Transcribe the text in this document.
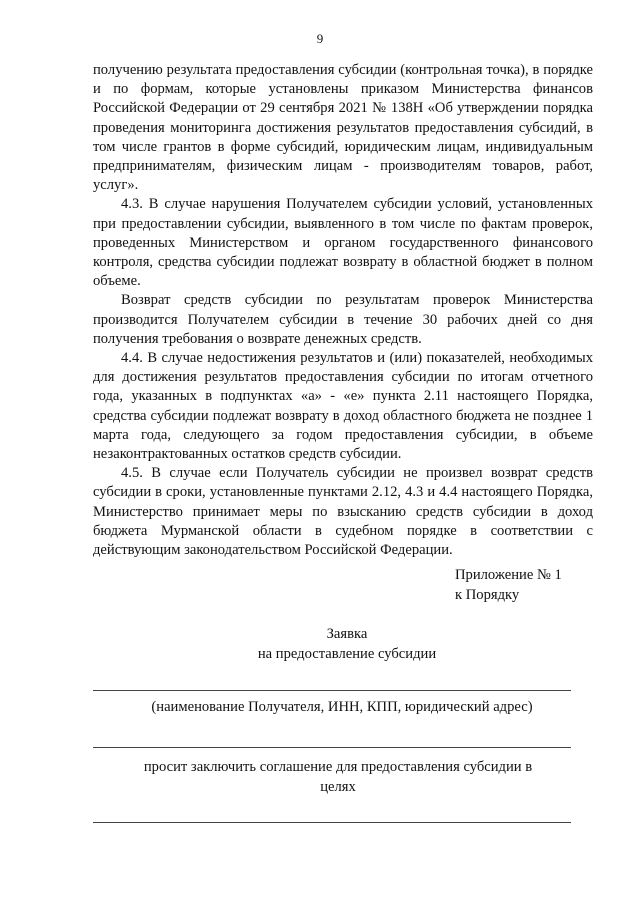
9

получению результата предоставления субсидии (контрольная точка), в порядке и по формам, которые установлены приказом Министерства финансов Российской Федерации от 29 сентября 2021 № 138Н «Об утверждении порядка проведения мониторинга достижения результатов предоставления субсидий, в том числе грантов в форме субсидий, юридическим лицам, индивидуальным предпринимателям, физическим лицам - производителям товаров, работ, услуг».

4.3. В случае нарушения Получателем субсидии условий, установленных при предоставлении субсидии, выявленного в том числе по фактам проверок, проведенных Министерством и органом государственного финансового контроля, средства субсидии подлежат возврату в областной бюджет в полном объеме.

Возврат средств субсидии по результатам проверок Министерства производится Получателем субсидии в течение 30 рабочих дней со дня получения требования о возврате денежных средств.

4.4. В случае недостижения результатов и (или) показателей, необходимых для достижения результатов предоставления субсидии по итогам отчетного года, указанных в подпунктах «а» - «е» пункта 2.11 настоящего Порядка, средства субсидии подлежат возврату в доход областного бюджета не позднее 1 марта года, следующего за годом предоставления субсидии, в объеме незаконтрактованных остатков средств субсидии.

4.5. В случае если Получатель субсидии не произвел возврат средств субсидии в сроки, установленные пунктами 2.12, 4.3 и 4.4 настоящего Порядка, Министерство принимает меры по взысканию средств субсидии в доход бюджета Мурманской области в судебном порядке в соответствии с действующим законодательством Российской Федерации.

Приложение № 1
к Порядку
Заявка
на предоставление субсидии
(наименование Получателя, ИНН, КПП, юридический адрес)
просит заключить соглашение для предоставления субсидии в
целях
